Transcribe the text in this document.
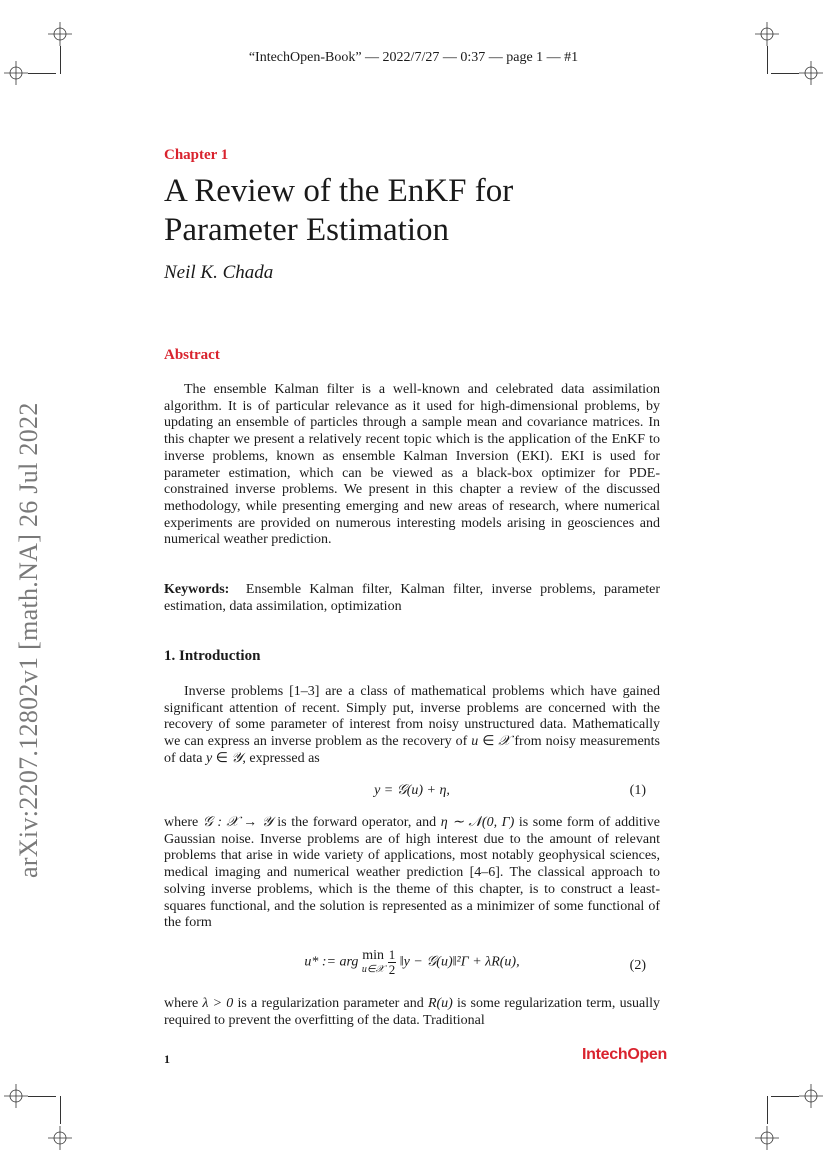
“IntechOpen-Book” — 2022/7/27 — 0:37 — page 1 — #1
arXiv:2207.12802v1 [math.NA] 26 Jul 2022
Chapter 1
A Review of the EnKF for
Parameter Estimation
Neil K. Chada
Abstract

The ensemble Kalman filter is a well-known and celebrated data assimilation algorithm. It is of particular relevance as it used for high-dimensional problems, by updating an ensemble of particles through a sample mean and covariance matrices. In this chapter we present a relatively recent topic which is the application of the EnKF to inverse problems, known as ensemble Kalman Inversion (EKI). EKI is used for parameter estimation, which can be viewed as a black-box optimizer for PDE-constrained inverse problems. We present in this chapter a review of the discussed methodology, while presenting emerging and new areas of research, where numerical experiments are provided on numerous interesting models arising in geosciences and numerical weather prediction.

Keywords: Ensemble Kalman filter, Kalman filter, inverse problems, parameter estimation, data assimilation, optimization

1. Introduction

Inverse problems [1–3] are a class of mathematical problems which have gained significant attention of recent. Simply put, inverse problems are concerned with the recovery of some parameter of interest from noisy unstructured data. Mathematically we can express an inverse problem as the recovery of u ∈ 𝒳 from noisy measurements of data y ∈ 𝒴, expressed as

y = 𝒢(u) + η,	(1)

where 𝒢 : 𝒳 → 𝒴 is the forward operator, and η ∼ 𝒩(0, Γ) is some form of additive Gaussian noise. Inverse problems are of high interest due to the amount of relevant problems that arise in wide variety of applications, most notably geophysical sciences, medical imaging and numerical weather prediction [4–6]. The classical approach to solving inverse problems, which is the theme of this chapter, is to construct a least-squares functional, and the solution is represented as a minimizer of some functional of the form

u* := arg min
u∈𝒳
$\frac{1}{2}$ ‖y − 𝒢(u)‖²Γ + λR(u),	(2)

where λ > 0 is a regularization parameter and R(u) is some regularization term, usually required to prevent the overfitting of the data. Traditional

1	IntechOpen
